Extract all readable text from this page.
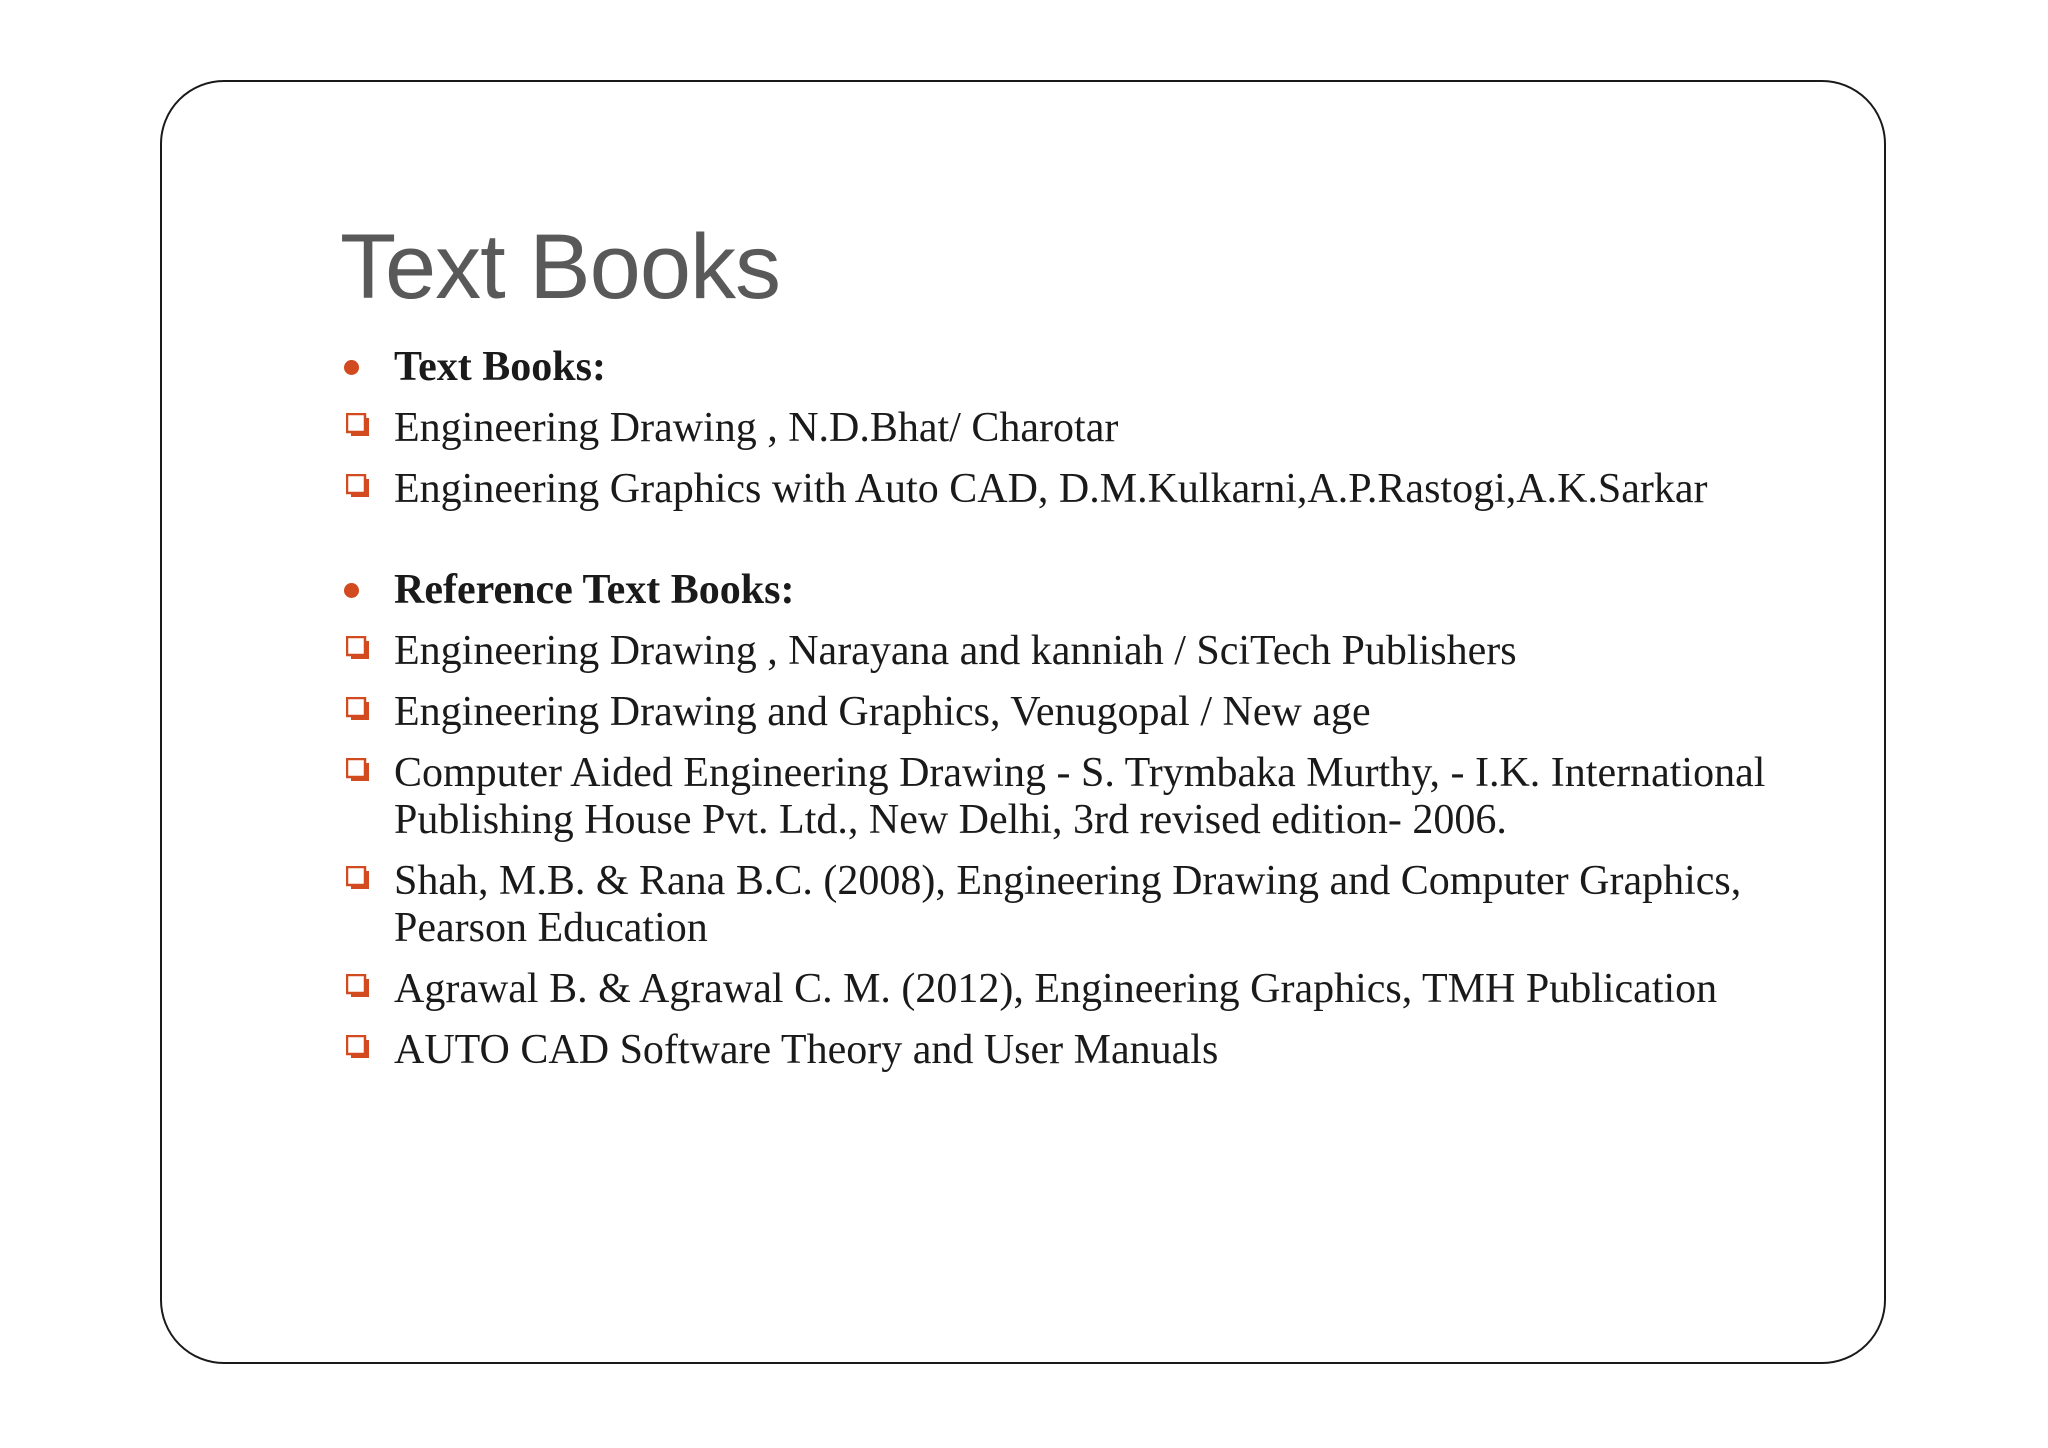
Text Books
Text Books:
Engineering Drawing , N.D.Bhat/ Charotar
Engineering Graphics with Auto CAD, D.M.Kulkarni,A.P.Rastogi,A.K.Sarkar
Reference Text Books:
Engineering Drawing , Narayana and kanniah / SciTech Publishers
Engineering Drawing and Graphics, Venugopal / New age
Computer Aided Engineering Drawing - S. Trymbaka Murthy, - I.K. International Publishing House Pvt. Ltd., New Delhi, 3rd revised edition- 2006.
Shah, M.B. & Rana B.C. (2008), Engineering Drawing and Computer Graphics, Pearson Education
Agrawal B. & Agrawal C. M. (2012), Engineering Graphics, TMH Publication
AUTO CAD Software Theory and User Manuals
